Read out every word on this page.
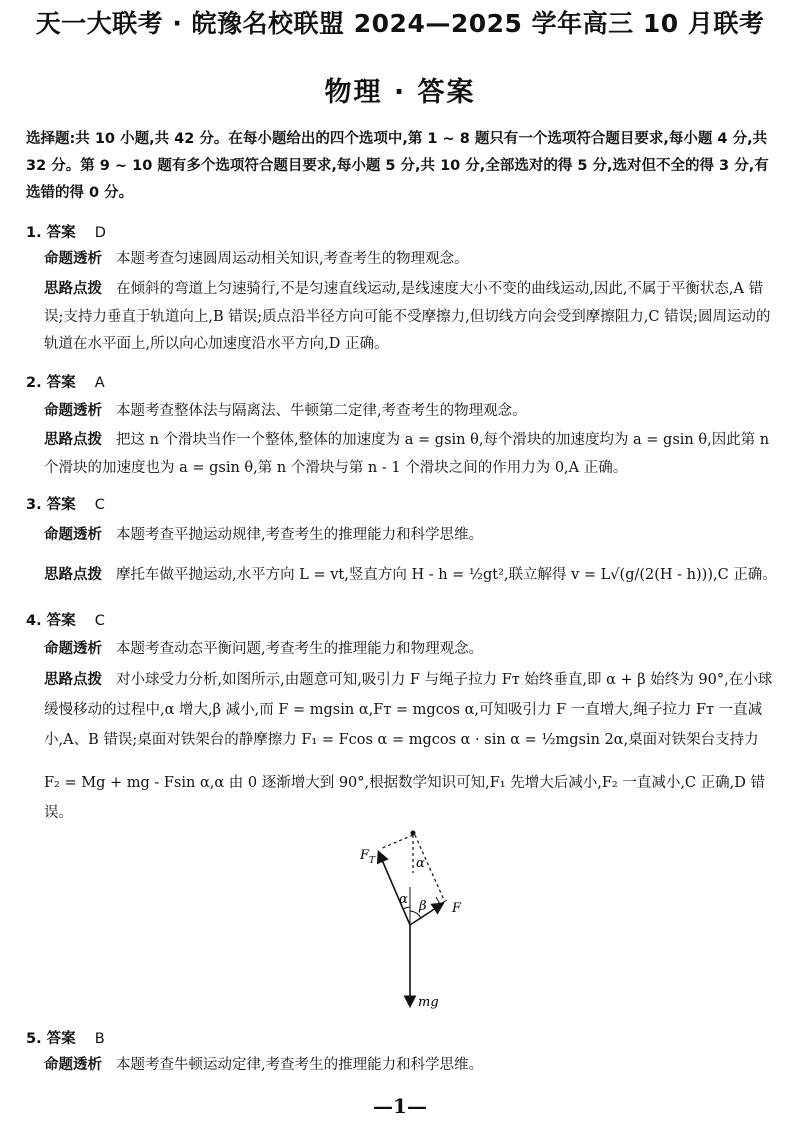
天一大联考 · 皖豫名校联盟 2024—2025 学年高三 10 月联考
物理 · 答案
选择题:共 10 小题,共 42 分。在每小题给出的四个选项中,第 1 ~ 8 题只有一个选项符合题目要求,每小题 4 分,共 32 分。第 9 ~ 10 题有多个选项符合题目要求,每小题 5 分,共 10 分,全部选对的得 5 分,选对但不全的得 3 分,有选错的得 0 分。
1. 答案 D
命题透析 本题考查匀速圆周运动相关知识,考查考生的物理观念。
思路点拨 在倾斜的弯道上匀速骑行,不是匀速直线运动,是线速度大小不变的曲线运动,因此,不属于平衡状态,A 错误;支持力垂直于轨道向上,B 错误;质点沿半径方向可能不受摩擦力,但切线方向会受到摩擦阻力,C 错误;圆周运动的轨道在水平面上,所以向心加速度沿水平方向,D 正确。
2. 答案 A
命题透析 本题考查整体法与隔离法、牛顿第二定律,考查考生的物理观念。
思路点拨 把这 n 个滑块当作一个整体,整体的加速度为 a = gsin θ,每个滑块的加速度均为 a = gsin θ,因此第 n 个滑块的加速度也为 a = gsin θ,第 n 个滑块与第 n - 1 个滑块之间的作用力为 0,A 正确。
3. 答案 C
命题透析 本题考查平抛运动规律,考查考生的推理能力和科学思维。
思路点拨 摩托车做平抛运动,水平方向 L = vt,竖直方向 H - h = ½gt²,联立解得 v = L√(g/(2(H - h))),C 正确。
4. 答案 C
命题透析 本题考查动态平衡问题,考查考生的推理能力和物理观念。
思路点拨 对小球受力分析,如图所示,由题意可知,吸引力 F 与绳子拉力 Fᴛ 始终垂直,即 α + β 始终为 90°,在小球缓慢移动的过程中,α 增大,β 减小,而 F = mgsin α,Fᴛ = mgcos α,可知吸引力 F 一直增大,绳子拉力 Fᴛ 一直减小,A、B 错误;桌面对铁架台的静摩擦力 F₁ = Fcos α = mgcos α · sin α = ½mgsin 2α,桌面对铁架台支持力
F₂ = Mg + mg - Fsin α,α 由 0 逐渐增大到 90°,根据数学知识可知,F₁ 先增大后减小,F₂ 一直减小,C 正确,D 错误。
$F_T$
F
mg
α
α β
5. 答案 B
命题透析 本题考查牛顿运动定律,考查考生的推理能力和科学思维。
—1—
